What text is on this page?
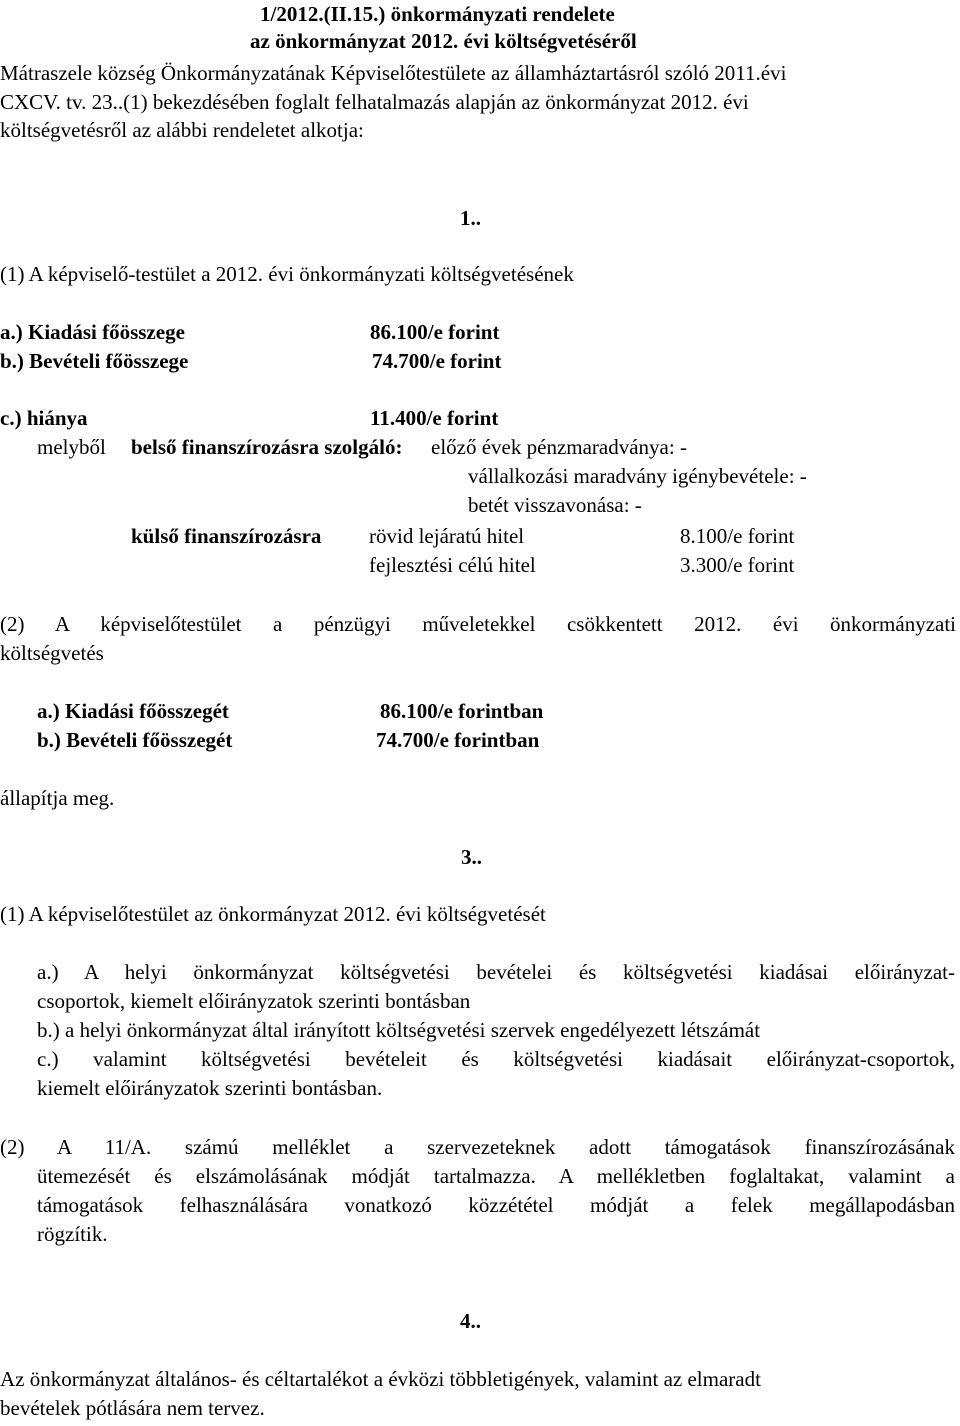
1/2012.(II.15.) önkormányzati rendelete
az önkormányzat 2012. évi költségvetéséről
Mátraszele község Önkormányzatának Képviselőtestülete az államháztartásról szóló 2011.évi
CXCV. tv. 23..(1) bekezdésében foglalt felhatalmazás alapján az önkormányzat 2012. évi
költségvetésről az alábbi rendeletet alkotja:
1..
(1) A képviselő-testület a 2012. évi önkormányzati költségvetésének
a.) Kiadási főösszege	86.100/e forint
b.) Bevételi főösszege	74.700/e forint
c.) hiánya	11.400/e forint
melyből belső finanszírozásra szolgáló: előző évek pénzmaradványa: -
vállalkozási maradvány igénybevétele: -
betét visszavonása: -
külső finanszírozásra rövid lejáratú hitel	8.100/e forint
fejlesztési célú hitel	3.300/e forint
(2) A képviselőtestület a pénzügyi műveletekkel csökkentett 2012. évi önkormányzati
költségvetés
a.) Kiadási főösszegét	86.100/e forintban
b.) Bevételi főösszegét	74.700/e forintban
állapítja meg.
3..
(1) A képviselőtestület az önkormányzat 2012. évi költségvetését
a.) A helyi önkormányzat költségvetési bevételei és költségvetési kiadásai előirányzat-
csoportok, kiemelt előirányzatok szerinti bontásban
b.) a helyi önkormányzat által irányított költségvetési szervek engedélyezett létszámát
c.) valamint költségvetési bevételeit és költségvetési kiadásait előirányzat-csoportok,
kiemelt előirányzatok szerinti bontásban.
(2) A 11/A. számú melléklet a szervezeteknek adott támogatások finanszírozásának
ütemezését és elszámolásának módját tartalmazza. A mellékletben foglaltakat, valamint a
támogatások felhasználására vonatkozó közzététel módját a felek megállapodásban
rögzítik.
4..
Az önkormányzat általános- és céltartalékot a évközi többletigények, valamint az elmaradt
bevételek pótlására nem tervez.
